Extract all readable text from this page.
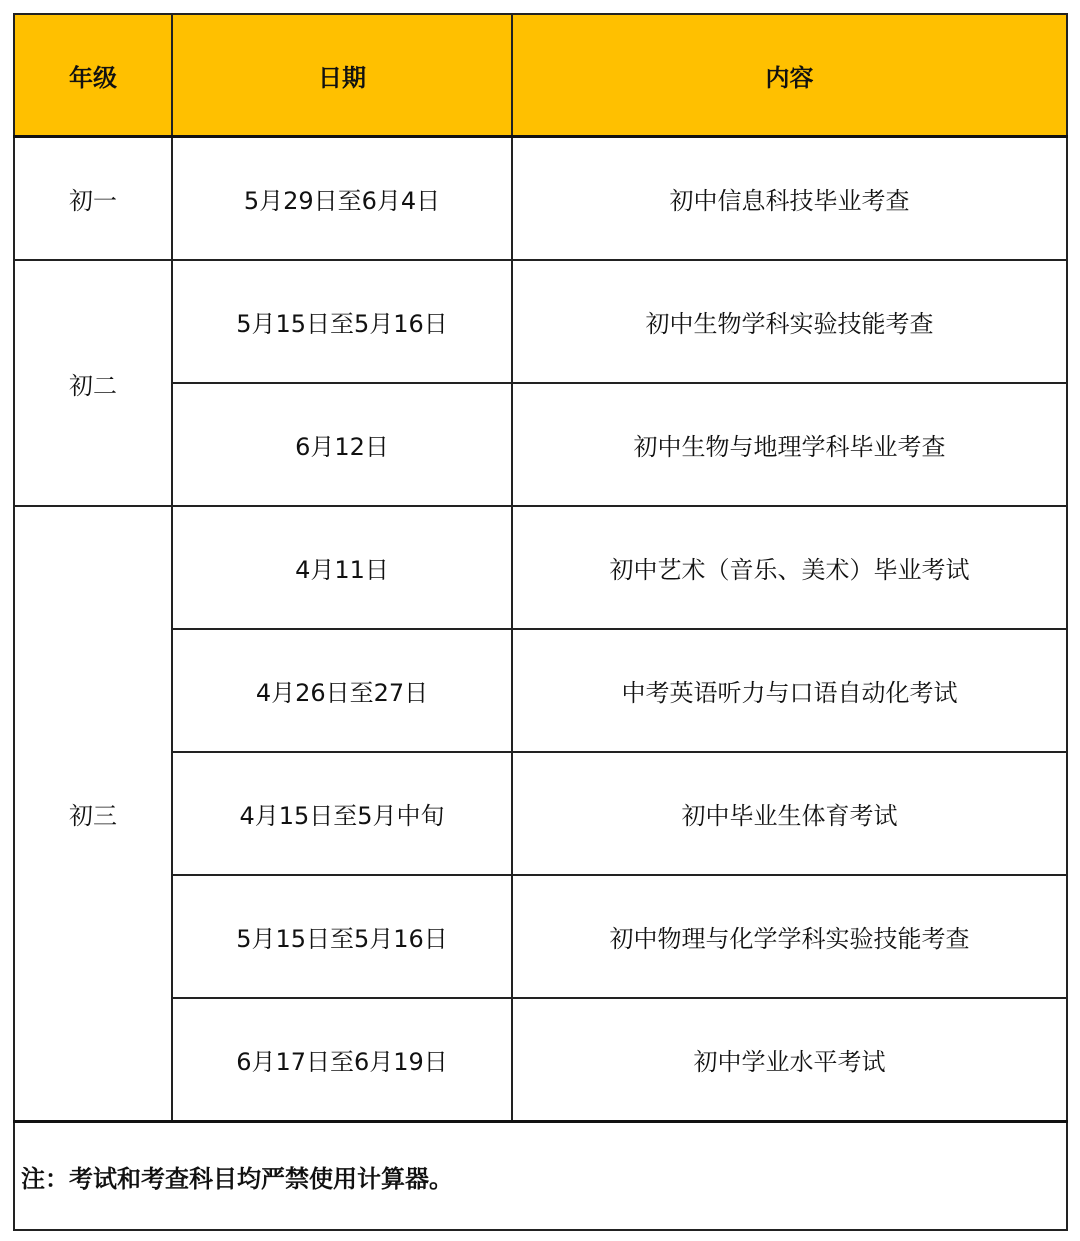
年级	日期	内容
初一	5月29日至6月4日	初中信息科技毕业考查
初二	5月15日至5月16日	初中生物学科实验技能考查
	6月12日	初中生物与地理学科毕业考查
初三	4月11日	初中艺术（音乐、美术）毕业考试
	4月26日至27日	中考英语听力与口语自动化考试
	4月15日至5月中旬	初中毕业生体育考试
	5月15日至5月16日	初中物理与化学学科实验技能考查
	6月17日至6月19日	初中学业水平考试
注：考试和考查科目均严禁使用计算器。		
